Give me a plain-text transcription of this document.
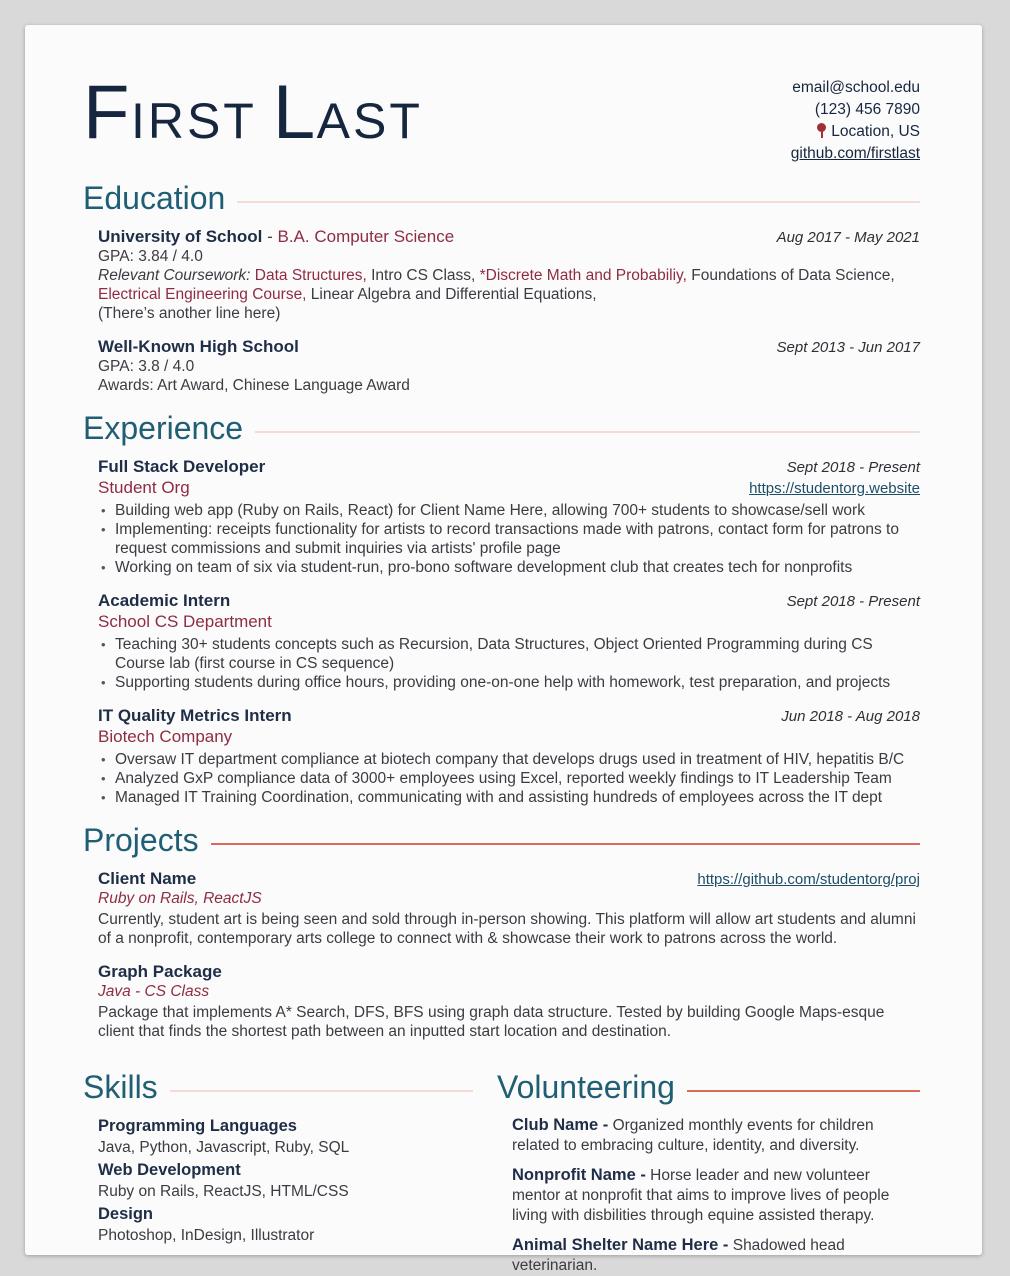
FIRST LAST
email@school.edu
(123) 456 7890
Location, US
github.com/firstlast
Education
University of School - B.A. Computer Science	Aug 2017 - May 2021
GPA: 3.84 / 4.0
Relevant Coursework: Data Structures, Intro CS Class, *Discrete Math and Probabiliy, Foundations of Data Science, Electrical Engineering Course, Linear Algebra and Differential Equations,
(There’s another line here)
Well-Known High School	Sept 2013 - Jun 2017
GPA: 3.8 / 4.0
Awards: Art Award, Chinese Language Award
Experience
Full Stack Developer	Sept 2018 - Present
Student Org	https://studentorg.website
• Building web app (Ruby on Rails, React) for Client Name Here, allowing 700+ students to showcase/sell work
• Implementing: receipts functionality for artists to record transactions made with patrons, contact form for patrons to request commissions and submit inquiries via artists' profile page
• Working on team of six via student-run, pro-bono software development club that creates tech for nonprofits
Academic Intern	Sept 2018 - Present
School CS Department
• Teaching 30+ students concepts such as Recursion, Data Structures, Object Oriented Programming during CS Course lab (first course in CS sequence)
• Supporting students during office hours, providing one-on-one help with homework, test preparation, and projects
IT Quality Metrics Intern	Jun 2018 - Aug 2018
Biotech Company
• Oversaw IT department compliance at biotech company that develops drugs used in treatment of HIV, hepatitis B/C
• Analyzed GxP compliance data of 3000+ employees using Excel, reported weekly findings to IT Leadership Team
• Managed IT Training Coordination, communicating with and assisting hundreds of employees across the IT dept
Projects
Client Name	https://github.com/studentorg/proj
Ruby on Rails, ReactJS
Currently, student art is being seen and sold through in-person showing. This platform will allow art students and alumni of a nonprofit, contemporary arts college to connect with & showcase their work to patrons across the world.
Graph Package
Java - CS Class
Package that implements A* Search, DFS, BFS using graph data structure. Tested by building Google Maps-esque client that finds the shortest path between an inputted start location and destination.
Skills
Programming Languages
Java, Python, Javascript, Ruby, SQL
Web Development
Ruby on Rails, ReactJS, HTML/CSS
Design
Photoshop, InDesign, Illustrator
Volunteering
Club Name - Organized monthly events for children related to embracing culture, identity, and diversity.
Nonprofit Name - Horse leader and new volunteer mentor at nonprofit that aims to improve lives of people living with disbilities through equine assisted therapy.
Animal Shelter Name Here - Shadowed head veterinarian.
